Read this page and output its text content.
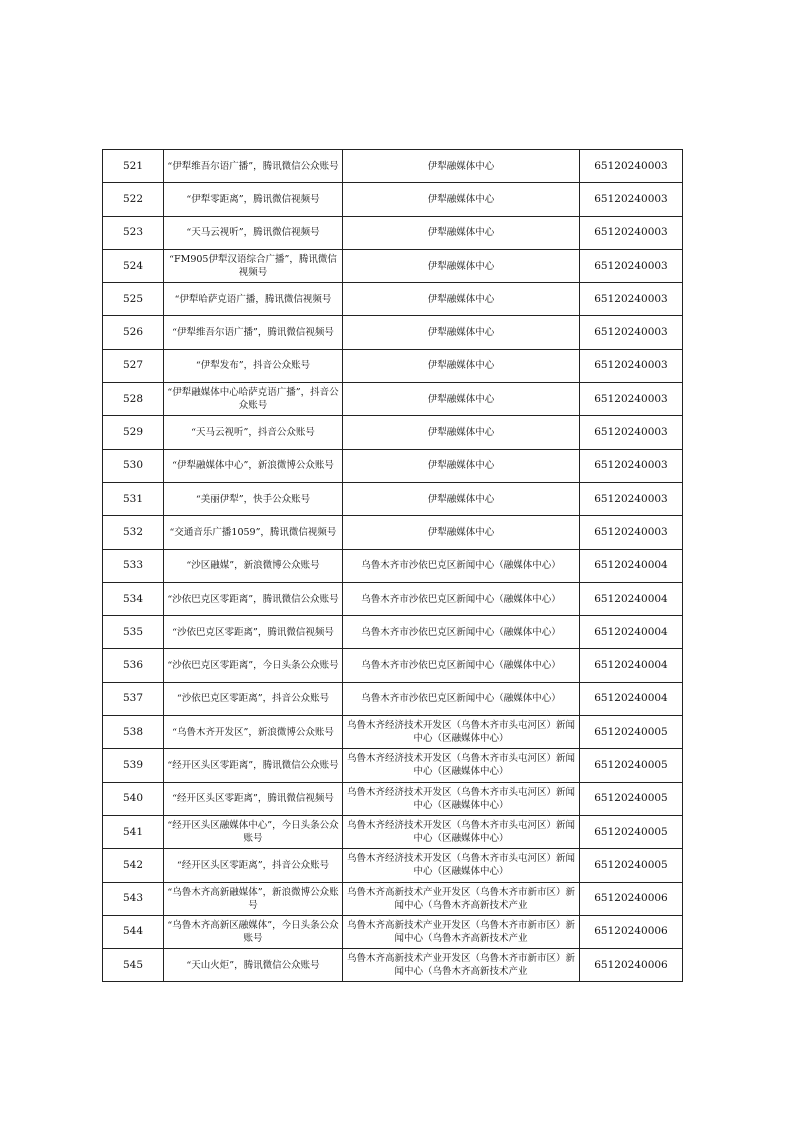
521	“伊犁维吾尔语广播”，腾讯微信公众账号	伊犁融媒体中心	65120240003
522	“伊犁零距离”，腾讯微信视频号	伊犁融媒体中心	65120240003
523	“天马云视听”，腾讯微信视频号	伊犁融媒体中心	65120240003
524	“FM905伊犁汉语综合广播”，腾讯微信视频号	伊犁融媒体中心	65120240003
525	“伊犁哈萨克语广播，腾讯微信视频号	伊犁融媒体中心	65120240003
526	“伊犁维吾尔语广播”，腾讯微信视频号	伊犁融媒体中心	65120240003
527	“伊犁发布”，抖音公众账号	伊犁融媒体中心	65120240003
528	“伊犁融媒体中心哈萨克语广播”，抖音公众账号	伊犁融媒体中心	65120240003
529	“天马云视听”，抖音公众账号	伊犁融媒体中心	65120240003
530	“伊犁融媒体中心”，新浪微博公众账号	伊犁融媒体中心	65120240003
531	“美丽伊犁”，快手公众账号	伊犁融媒体中心	65120240003
532	“交通音乐广播1059”，腾讯微信视频号	伊犁融媒体中心	65120240003
533	“沙区融媒”，新浪微博公众账号	乌鲁木齐市沙依巴克区新闻中心（融媒体中心）	65120240004
534	“沙依巴克区零距离”，腾讯微信公众账号	乌鲁木齐市沙依巴克区新闻中心（融媒体中心）	65120240004
535	“沙依巴克区零距离”，腾讯微信视频号	乌鲁木齐市沙依巴克区新闻中心（融媒体中心）	65120240004
536	“沙依巴克区零距离”，今日头条公众账号	乌鲁木齐市沙依巴克区新闻中心（融媒体中心）	65120240004
537	“沙依巴克区零距离”，抖音公众账号	乌鲁木齐市沙依巴克区新闻中心（融媒体中心）	65120240004
538	“乌鲁木齐开发区”，新浪微博公众账号	乌鲁木齐经济技术开发区（乌鲁木齐市头屯河区）新闻中心（区融媒体中心）	65120240005
539	“经开区头区零距离”，腾讯微信公众账号	乌鲁木齐经济技术开发区（乌鲁木齐市头屯河区）新闻中心（区融媒体中心）	65120240005
540	“经开区头区零距离”，腾讯微信视频号	乌鲁木齐经济技术开发区（乌鲁木齐市头屯河区）新闻中心（区融媒体中心）	65120240005
541	“经开区头区融媒体中心”，今日头条公众账号	乌鲁木齐经济技术开发区（乌鲁木齐市头屯河区）新闻中心（区融媒体中心）	65120240005
542	“经开区头区零距离”，抖音公众账号	乌鲁木齐经济技术开发区（乌鲁木齐市头屯河区）新闻中心（区融媒体中心）	65120240005
543	“乌鲁木齐高新融媒体”，新浪微博公众账号	乌鲁木齐高新技术产业开发区（乌鲁木齐市新市区）新闻中心（乌鲁木齐高新技术产业	65120240006
544	“乌鲁木齐高新区融媒体”，今日头条公众账号	乌鲁木齐高新技术产业开发区（乌鲁木齐市新市区）新闻中心（乌鲁木齐高新技术产业	65120240006
545	“天山火炬”，腾讯微信公众账号	乌鲁木齐高新技术产业开发区（乌鲁木齐市新市区）新闻中心（乌鲁木齐高新技术产业	65120240006
